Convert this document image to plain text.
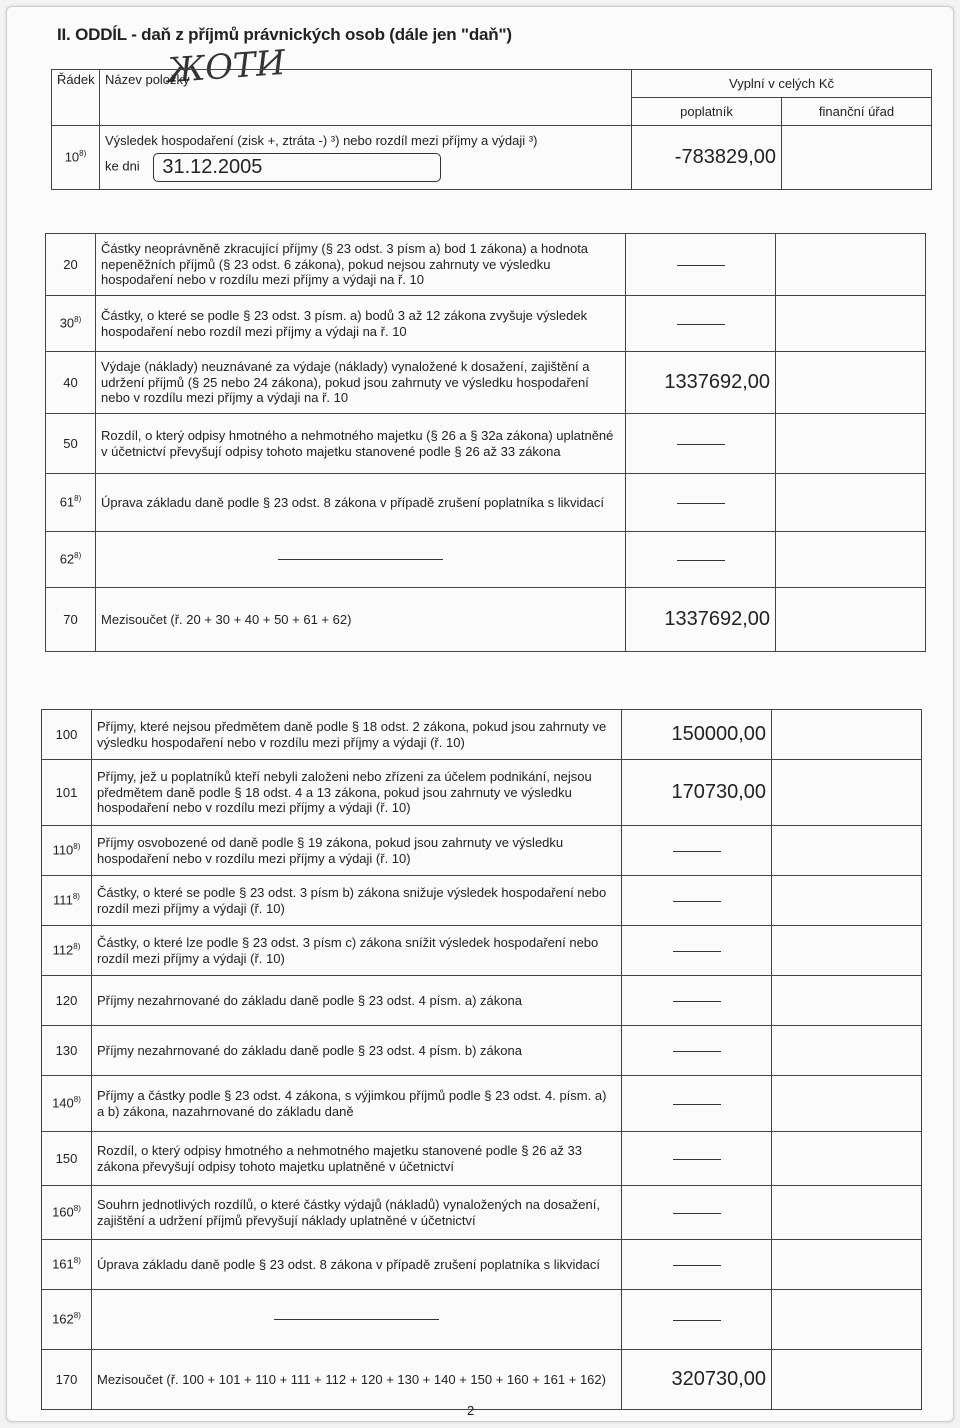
II. ODDÍL - daň z příjmů právnických osob (dále jen "daň")
ЖОТИ
Řádek	Název položky	Vyplní v celých Kč	
		poplatník	finanční úřad
10$^{8)}$	Výsledek hospodaření (zisk +, ztráta -) ³) nebo rozdíl mezi příjmy a výdaji ³)
ke dni 31.12.2005	-783829,00	
20	Částky neoprávněně zkracující příjmy (§ 23 odst. 3 písm a) bod 1 zákona) a hodnota nepeněžních příjmů (§ 23 odst. 6 zákona), pokud nejsou zahrnuty ve výsledku hospodaření nebo v rozdílu mezi příjmy a výdaji na ř. 10		

30$^{8)}$	Částky, o které se podle § 23 odst. 3 písm. a) bodů 3 až 12 zákona zvyšuje výsledek hospodaření nebo rozdíl mezi příjmy a výdaji na ř. 10		

40	Výdaje (náklady) neuznávané za výdaje (náklady) vynaložené k dosažení, zajištění a udržení příjmů (§ 25 nebo 24 zákona), pokud jsou zahrnuty ve výsledku hospodaření nebo v rozdílu mezi příjmy a výdaji na ř. 10	1337692,00	
50	Rozdíl, o který odpisy hmotného a nehmotného majetku (§ 26 a § 32a zákona) uplatněné v účetnictví převyšují odpisy tohoto majetku stanovené podle § 26 až 33 zákona		

61$^{8)}$	Úprava základu daně podle § 23 odst. 8 zákona v případě zrušení poplatníka s likvidací		

62$^{8)}$	

70	Mezisoučet (ř. 20 + 30 + 40 + 50 + 61 + 62)	1337692,00	
100	Příjmy, které nejsou předmětem daně podle § 18 odst. 2 zákona, pokud jsou zahrnuty ve výsledku hospodaření nebo v rozdílu mezi příjmy a výdaji (ř. 10)	150000,00	
101	Příjmy, jež u poplatníků kteří nebyli založeni nebo zřízeni za účelem podnikání, nejsou předmětem daně podle § 18 odst. 4 a 13 zákona, pokud jsou zahrnuty ve výsledku hospodaření nebo v rozdílu mezi příjmy a výdaji (ř. 10)	170730,00	
110$^{8)}$	Příjmy osvobozené od daně podle § 19 zákona, pokud jsou zahrnuty ve výsledku hospodaření nebo v rozdílu mezi příjmy a výdaji (ř. 10)		

111$^{8)}$	Částky, o které se podle § 23 odst. 3 písm b) zákona snižuje výsledek hospodaření nebo rozdíl mezi příjmy a výdaji (ř. 10)		

112$^{8)}$	Částky, o které lze podle § 23 odst. 3 písm c) zákona snížit výsledek hospodaření nebo rozdíl mezi příjmy a výdaji (ř. 10)		

120	Příjmy nezahrnované do základu daně podle § 23 odst. 4 písm. a) zákona		

130	Příjmy nezahrnované do základu daně podle § 23 odst. 4 písm. b) zákona		

140$^{8)}$	Příjmy a částky podle § 23 odst. 4 zákona, s výjimkou příjmů podle § 23 odst. 4. písm. a) a b) zákona, nazahrnované do základu daně		

150	Rozdíl, o který odpisy hmotného a nehmotného majetku stanovené podle § 26 až 33 zákona převyšují odpisy tohoto majetku uplatněné v účetnictví		

160$^{8)}$	Souhrn jednotlivých rozdílů, o které částky výdajů (nákladů) vynaložených na dosažení, zajištění a udržení příjmů převyšují náklady uplatněné v účetnictví		

161$^{8)}$	Úprava základu daně podle § 23 odst. 8 zákona v případě zrušení poplatníka s likvidací		

162$^{8)}$	

170	Mezisoučet (ř. 100 + 101 + 110 + 111 + 112 + 120 + 130 + 140 + 150 + 160 + 161 + 162)	320730,00	
2
